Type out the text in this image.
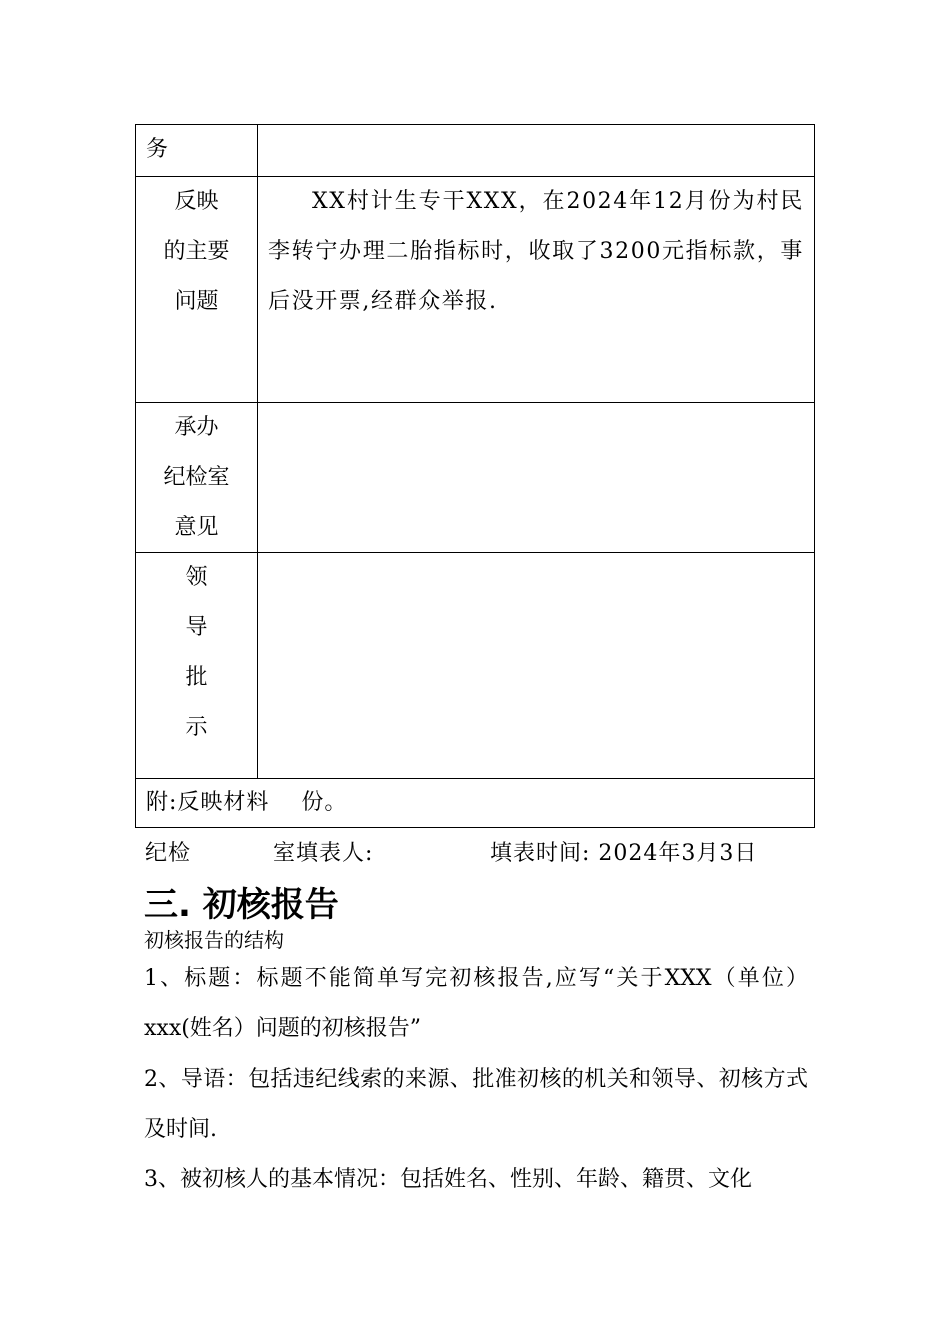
务
反映
的主要
问题
XX村计生专干XXX，在2024年12月份为村民李转宁办理二胎指标时，收取了3200元指标款，事后没开票,经群众举报.
承办
纪检室
意见
领
导
批
示
附:反映材料    份。
纪检	室填表人:	填表时间: 2024年3月3日
三. 初核报告
初核报告的结构
1、标题：标题不能简单写完初核报告,应写“关于XXX（单位）xxx(姓名）问题的初核报告”
2、导语：包括违纪线索的来源、批准初核的机关和领导、初核方式及时间.
3、被初核人的基本情况：包括姓名、性别、年龄、籍贯、文化
